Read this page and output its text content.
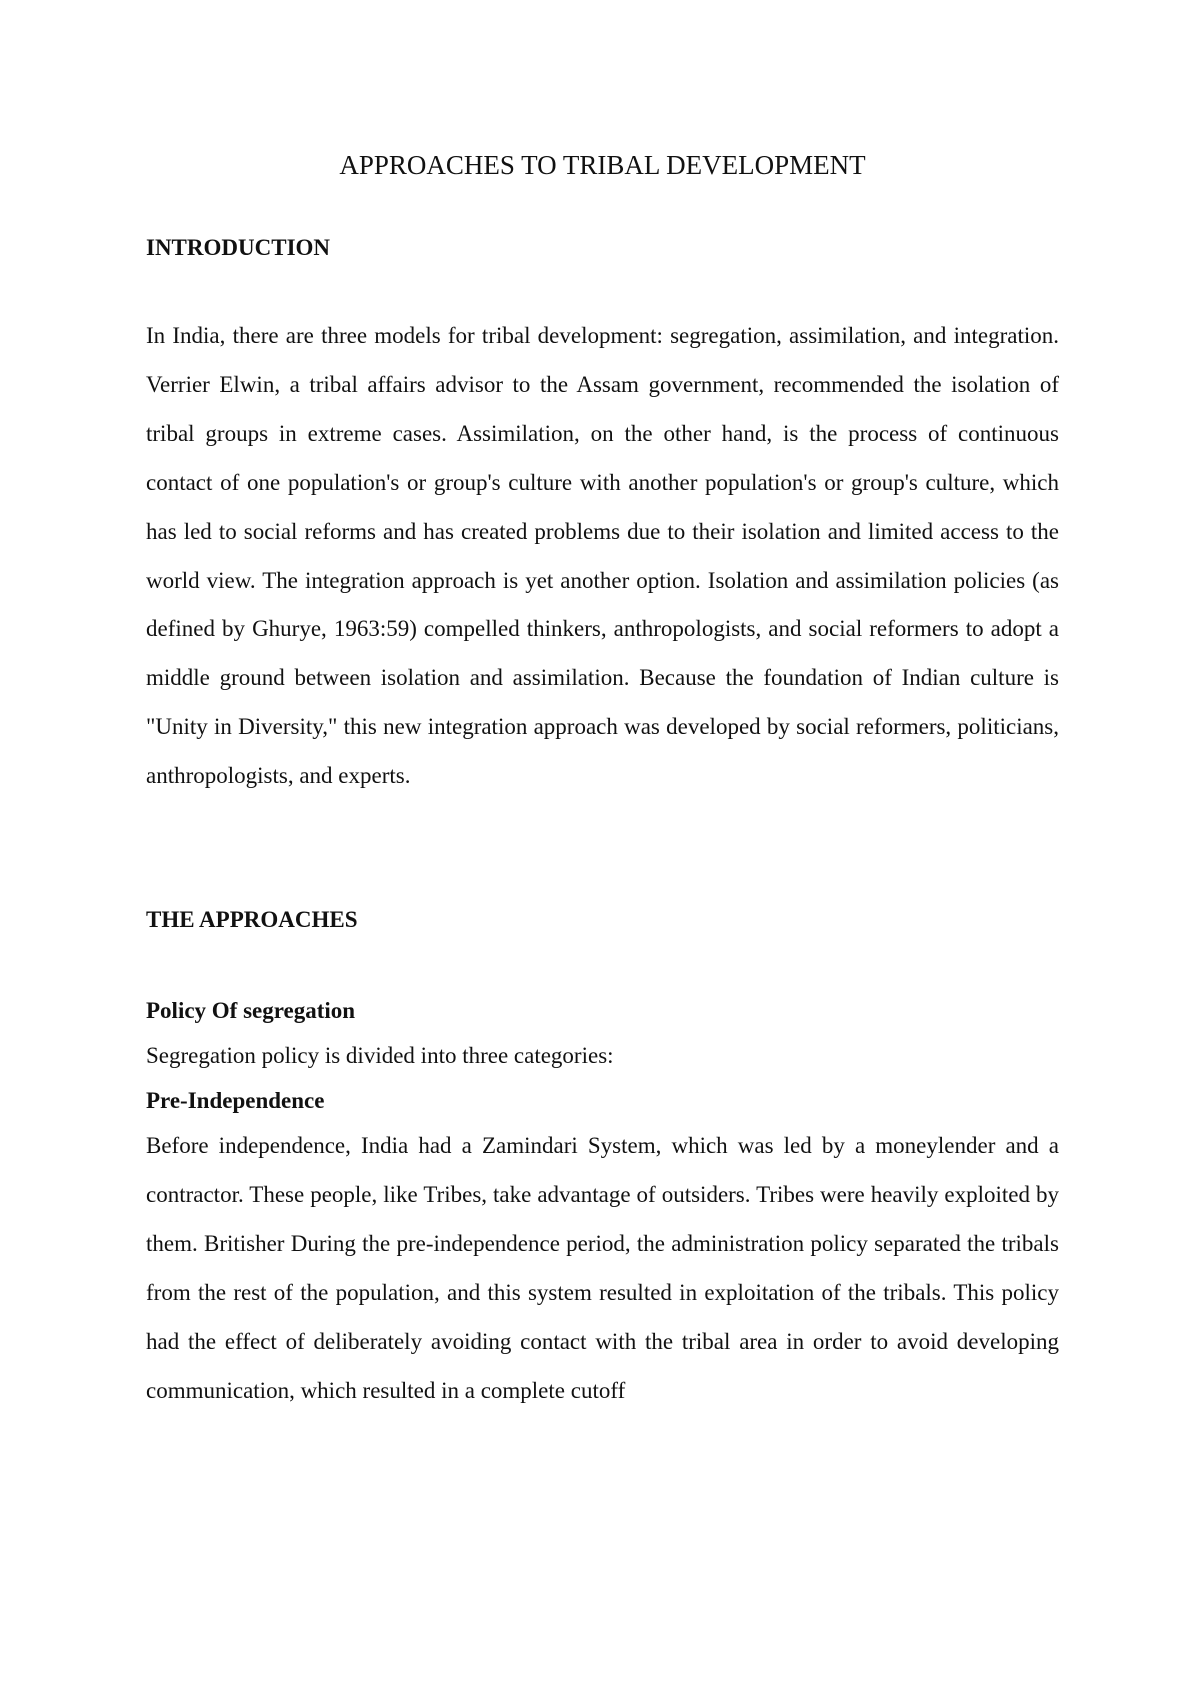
APPROACHES TO TRIBAL DEVELOPMENT
INTRODUCTION

In India, there are three models for tribal development: segregation, assimilation, and integration. Verrier Elwin, a tribal affairs advisor to the Assam government, recommended the isolation of tribal groups in extreme cases. Assimilation, on the other hand, is the process of continuous contact of one population's or group's culture with another population's or group's culture, which has led to social reforms and has created problems due to their isolation and limited access to the world view. The integration approach is yet another option. Isolation and assimilation policies (as defined by Ghurye, 1963:59) compelled thinkers, anthropologists, and social reformers to adopt a middle ground between isolation and assimilation. Because the foundation of Indian culture is "Unity in Diversity," this new integration approach was developed by social reformers, politicians, anthropologists, and experts.

THE APPROACHES
Policy Of segregation

Segregation policy is divided into three categories:

Pre-Independence

Before independence, India had a Zamindari System, which was led by a moneylender and a contractor. These people, like Tribes, take advantage of outsiders. Tribes were heavily exploited by them. Britisher During the pre-independence period, the administration policy separated the tribals from the rest of the population, and this system resulted in exploitation of the tribals. This policy had the effect of deliberately avoiding contact with the tribal area in order to avoid developing communication, which resulted in a complete cutoff
